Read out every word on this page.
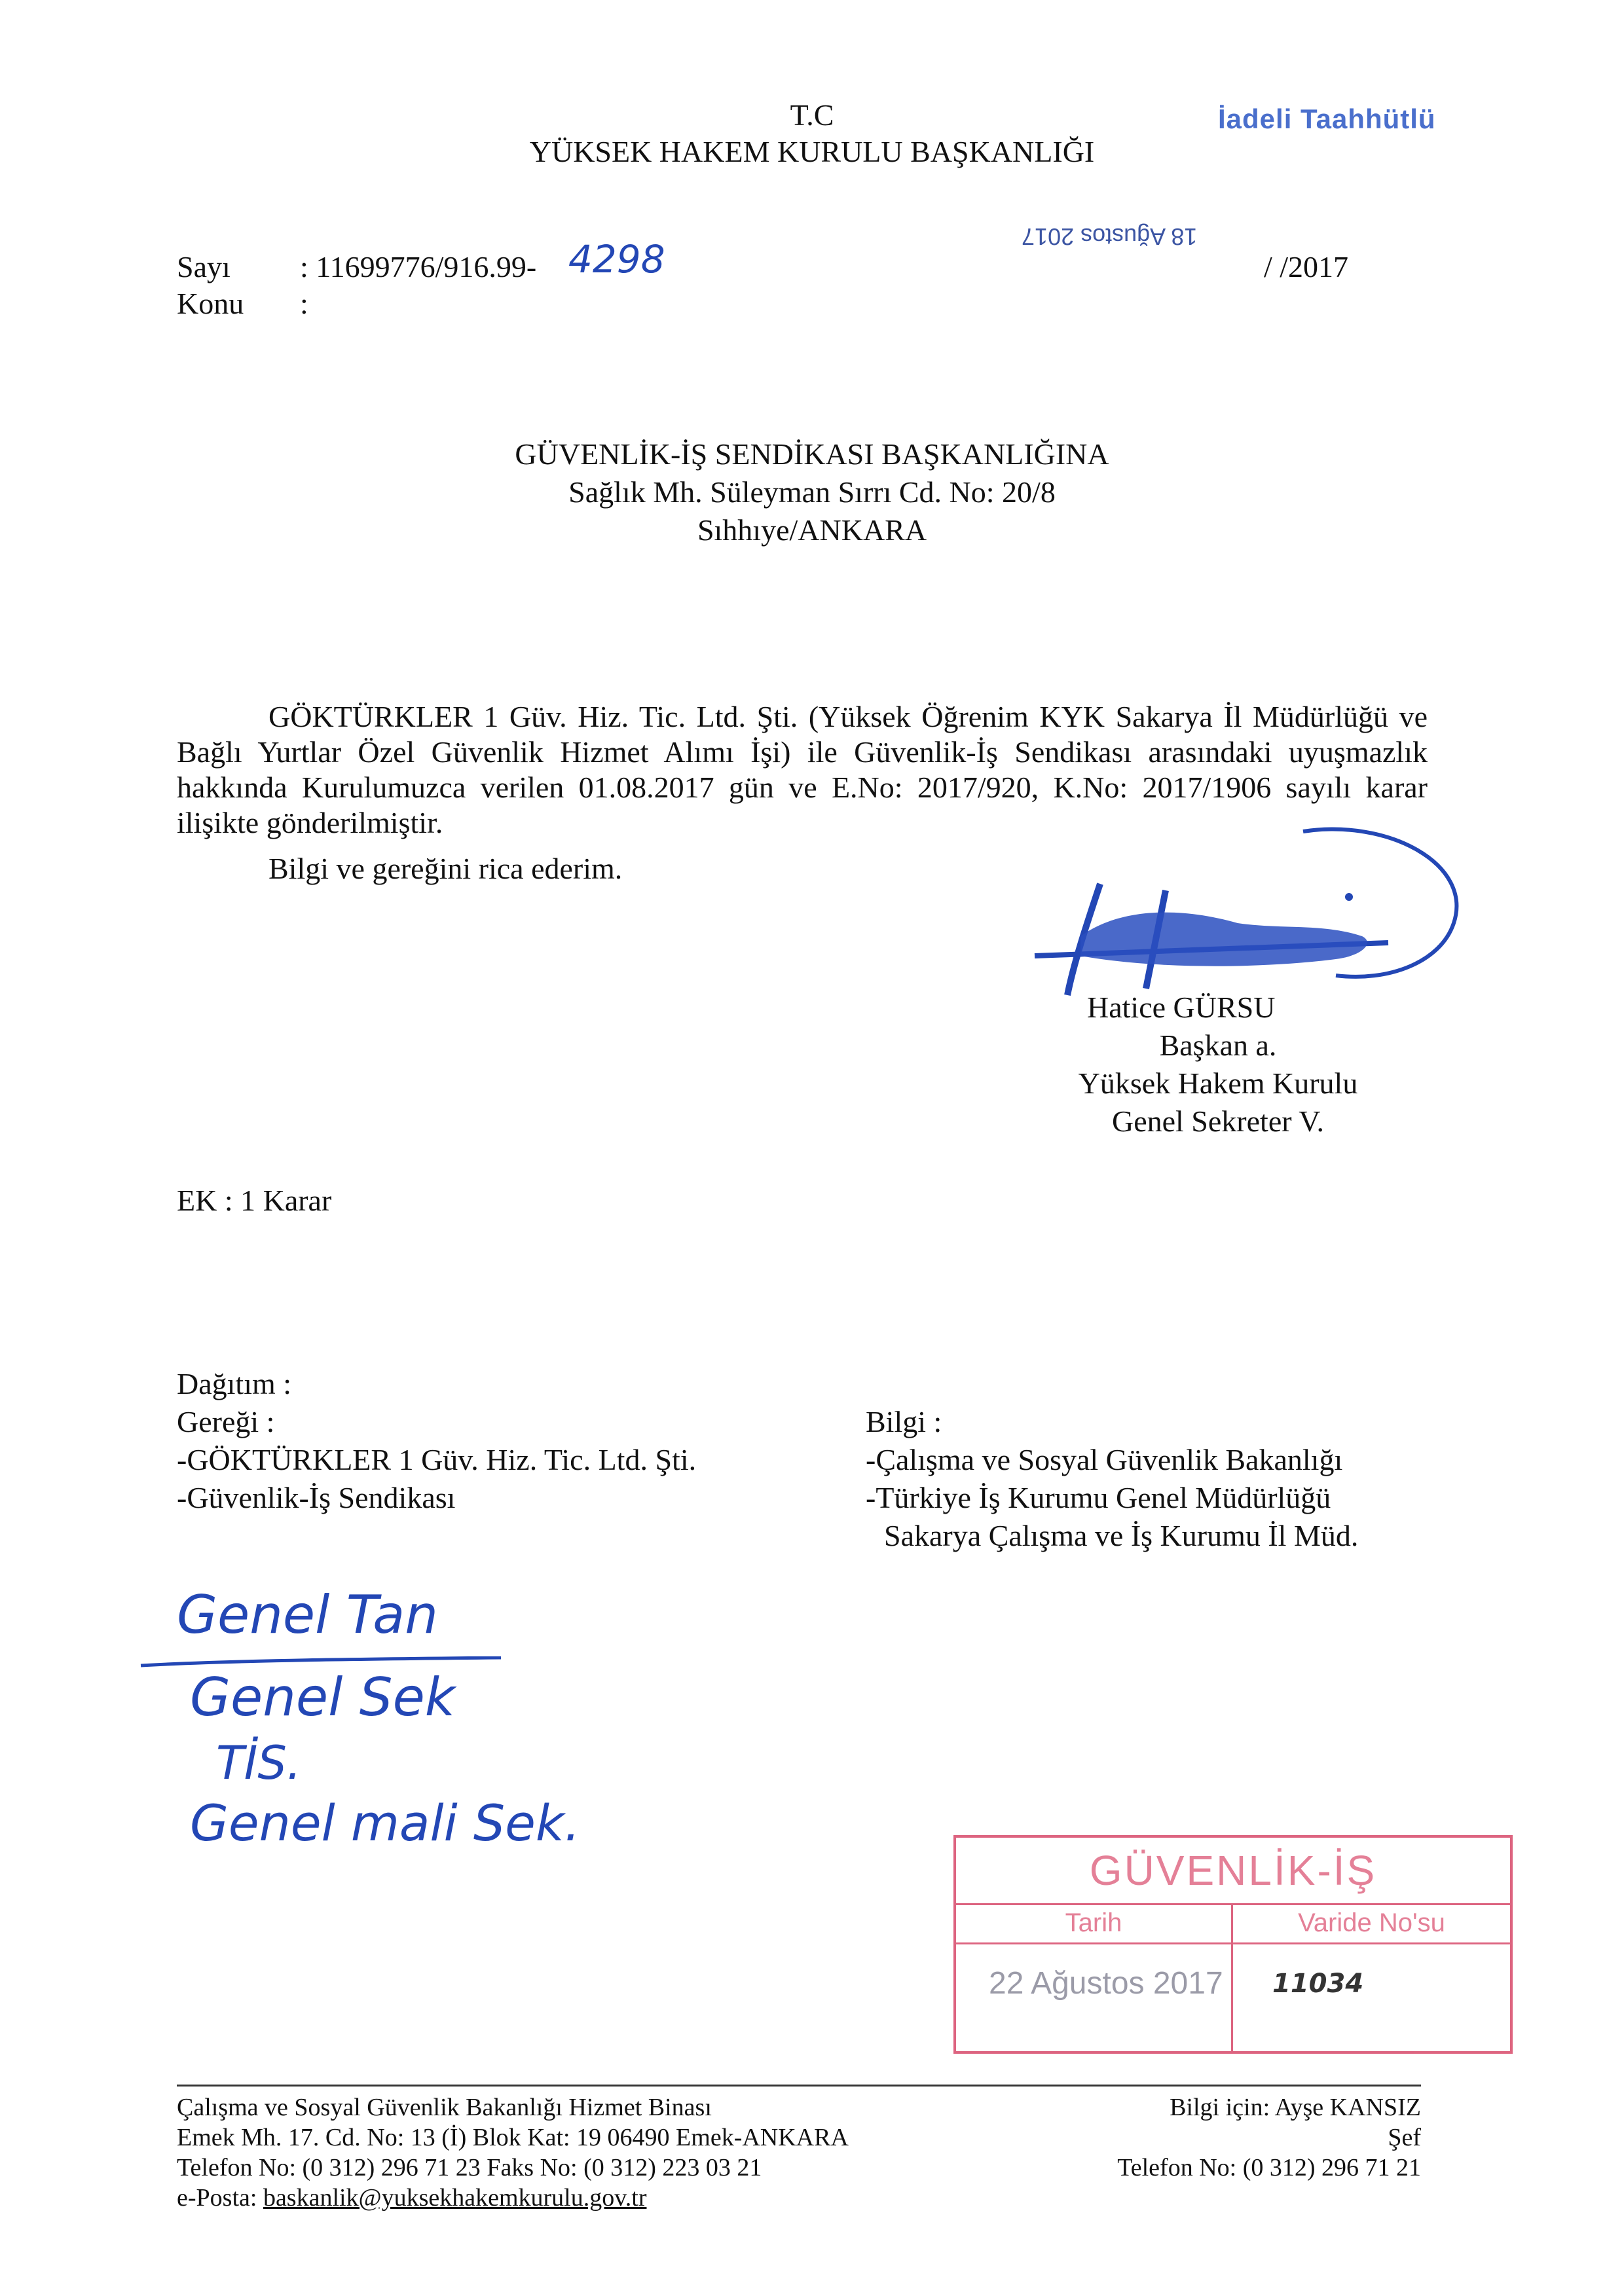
T.C
YÜKSEK HAKEM KURULU BAŞKANLIĞI
İadeli Taahhütlü
Sayı : 11699776/916.99- 4298
Konu :
/ /2017
18 Ağustos 2017
GÜVENLİK-İŞ SENDİKASI BAŞKANLIĞINA
Sağlık Mh. Süleyman Sırrı Cd. No: 20/8
Sıhhıye/ANKARA
GÖKTÜRKLER 1 Güv. Hiz. Tic. Ltd. Şti. (Yüksek Öğrenim KYK Sakarya İl Müdürlüğü ve Bağlı Yurtlar Özel Güvenlik Hizmet Alımı İşi) ile Güvenlik-İş Sendikası arasındaki uyuşmazlık hakkında Kurulumuzca verilen 01.08.2017 gün ve E.No: 2017/920, K.No: 2017/1906 sayılı karar ilişikte gönderilmiştir.
Bilgi ve gereğini rica ederim.
Hatice GÜRSU
Başkan a.
Yüksek Hakem Kurulu
Genel Sekreter V.
EK : 1 Karar
Dağıtım :
Gereği :
-GÖKTÜRKLER 1 Güv. Hiz. Tic. Ltd. Şti.
-Güvenlik-İş Sendikası
Bilgi :
-Çalışma ve Sosyal Güvenlik Bakanlığı
-Türkiye İş Kurumu Genel Müdürlüğü
Sakarya Çalışma ve İş Kurumu İl Müd.
Genel Tan
Genel Sek
TİS.
Genel mali Sek.
GÜVENLİK-İŞ
Tarih
22 Ağustos 2017
Varide No'su
11034
Çalışma ve Sosyal Güvenlik Bakanlığı Hizmet Binası
Emek Mh. 17. Cd. No: 13 (İ) Blok Kat: 19 06490 Emek-ANKARA
Telefon No: (0 312) 296 71 23 Faks No: (0 312) 223 03 21
e-Posta: baskanlik@yuksekhakemkurulu.gov.tr
Bilgi için: Ayşe KANSIZ
Şef
Telefon No: (0 312) 296 71 21
